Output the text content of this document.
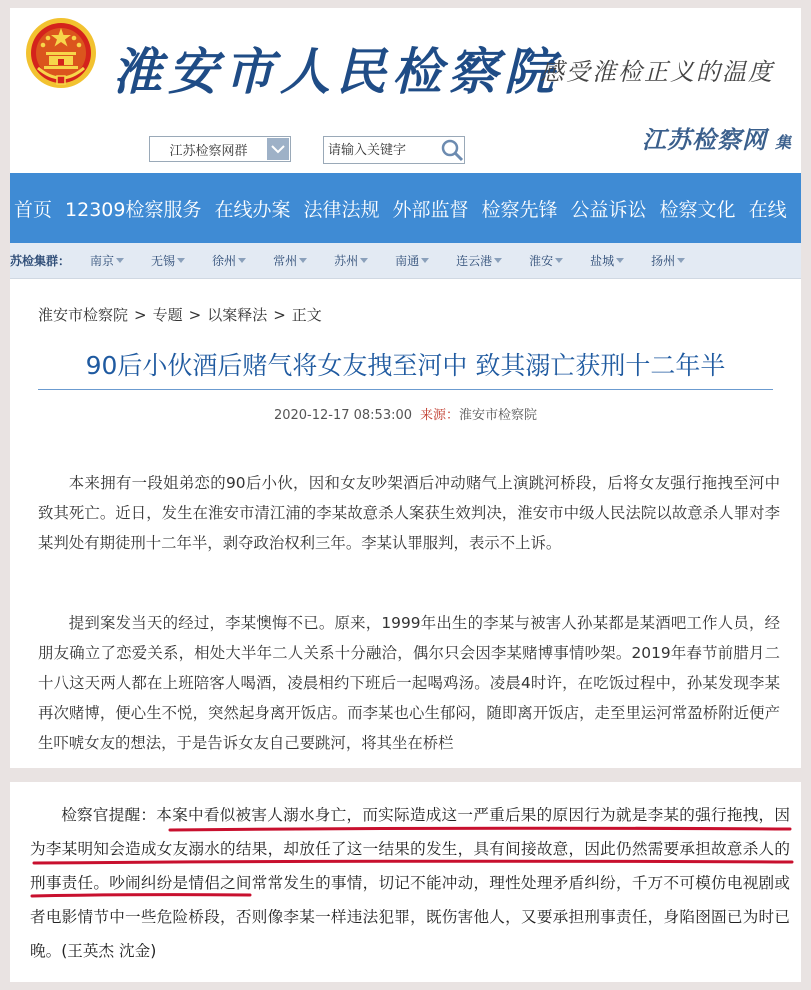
淮安市人民检察院
感受淮检正义的温度
江苏检察网群
请输入关键字	江苏检察网 集
首页 12309检察服务 在线办案 法律法规 外部监督 检察先锋 公益诉讼 检察文化 在线
苏检集群： 南京	无锡	徐州	常州	苏州	南通	连云港	淮安	盐城	扬州
淮安市检察院 > 专题 > 以案释法 > 正文
90后小伙酒后赌气将女友拽至河中 致其溺亡获刑十二年半
2020-12-17 08:53:00 来源：淮安市检察院

本来拥有一段姐弟恋的90后小伙，因和女友吵架酒后冲动赌气上演跳河桥段，后将女友强行拖拽至河中致其死亡。近日，发生在淮安市清江浦的李某故意杀人案获生效判决，淮安市中级人民法院以故意杀人罪对李某判处有期徒刑十二年半，剥夺政治权利三年。李某认罪服判，表示不上诉。

提到案发当天的经过，李某懊悔不已。原来，1999年出生的李某与被害人孙某都是某酒吧工作人员，经朋友确立了恋爱关系，相处大半年二人关系十分融洽，偶尔只会因李某赌博事情吵架。2019年春节前腊月二十八这天两人都在上班陪客人喝酒，凌晨相约下班后一起喝鸡汤。凌晨4时许，在吃饭过程中，孙某发现李某再次赌博，便心生不悦，突然起身离开饭店。而李某也心生郁闷，随即离开饭店，走至里运河常盈桥附近便产生吓唬女友的想法，于是告诉女友自己要跳河，将其坐在桥栏

检察官提醒：本案中看似被害人溺水身亡，而实际造成这一严重后果的原因行为就是李某的强行拖拽，因为李某明知会造成女友溺水的结果，却放任了这一结果的发生，具有间接故意，因此仍然需要承担故意杀人的刑事责任。吵闹纠纷是情侣之间常常发生的事情，切记不能冲动，理性处理矛盾纠纷，千万不可模仿电视剧或者电影情节中一些危险桥段，否则像李某一样违法犯罪，既伤害他人，又要承担刑事责任，身陷囹圄已为时已晚。(王英杰 沈金)
